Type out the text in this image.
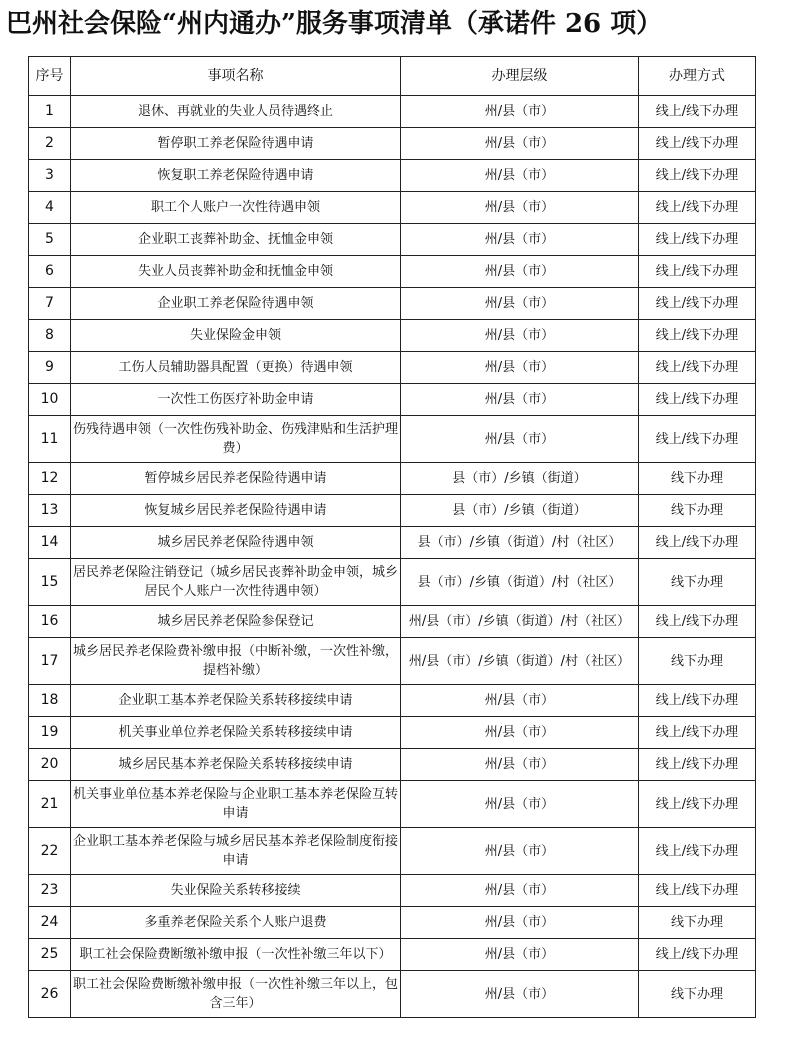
巴州社会保险“州内通办”服务事项清单（承诺件 26 项）
序号	事项名称	办理层级	办理方式
1	退休、再就业的失业人员待遇终止	州/县（市）	线上/线下办理
2	暂停职工养老保险待遇申请	州/县（市）	线上/线下办理
3	恢复职工养老保险待遇申请	州/县（市）	线上/线下办理
4	职工个人账户一次性待遇申领	州/县（市）	线上/线下办理
5	企业职工丧葬补助金、抚恤金申领	州/县（市）	线上/线下办理
6	失业人员丧葬补助金和抚恤金申领	州/县（市）	线上/线下办理
7	企业职工养老保险待遇申领	州/县（市）	线上/线下办理
8	失业保险金申领	州/县（市）	线上/线下办理
9	工伤人员辅助器具配置（更换）待遇申领	州/县（市）	线上/线下办理
10	一次性工伤医疗补助金申请	州/县（市）	线上/线下办理
11	伤残待遇申领（一次性伤残补助金、伤残津贴和生活护理费）	州/县（市）	线上/线下办理
12	暂停城乡居民养老保险待遇申请	县（市）/乡镇（街道）	线下办理
13	恢复城乡居民养老保险待遇申请	县（市）/乡镇（街道）	线下办理
14	城乡居民养老保险待遇申领	县（市）/乡镇（街道）/村（社区）	线上/线下办理
15	居民养老保险注销登记（城乡居民丧葬补助金申领，城乡居民个人账户一次性待遇申领）	县（市）/乡镇（街道）/村（社区）	线下办理
16	城乡居民养老保险参保登记	州/县（市）/乡镇（街道）/村（社区）	线上/线下办理
17	城乡居民养老保险费补缴申报（中断补缴，一次性补缴，提档补缴）	州/县（市）/乡镇（街道）/村（社区）	线下办理
18	企业职工基本养老保险关系转移接续申请	州/县（市）	线上/线下办理
19	机关事业单位养老保险关系转移接续申请	州/县（市）	线上/线下办理
20	城乡居民基本养老保险关系转移接续申请	州/县（市）	线上/线下办理
21	机关事业单位基本养老保险与企业职工基本养老保险互转申请	州/县（市）	线上/线下办理
22	企业职工基本养老保险与城乡居民基本养老保险制度衔接申请	州/县（市）	线上/线下办理
23	失业保险关系转移接续	州/县（市）	线上/线下办理
24	多重养老保险关系个人账户退费	州/县（市）	线下办理
25	职工社会保险费断缴补缴申报（一次性补缴三年以下）	州/县（市）	线上/线下办理
26	职工社会保险费断缴补缴申报（一次性补缴三年以上，包含三年）	州/县（市）	线下办理
